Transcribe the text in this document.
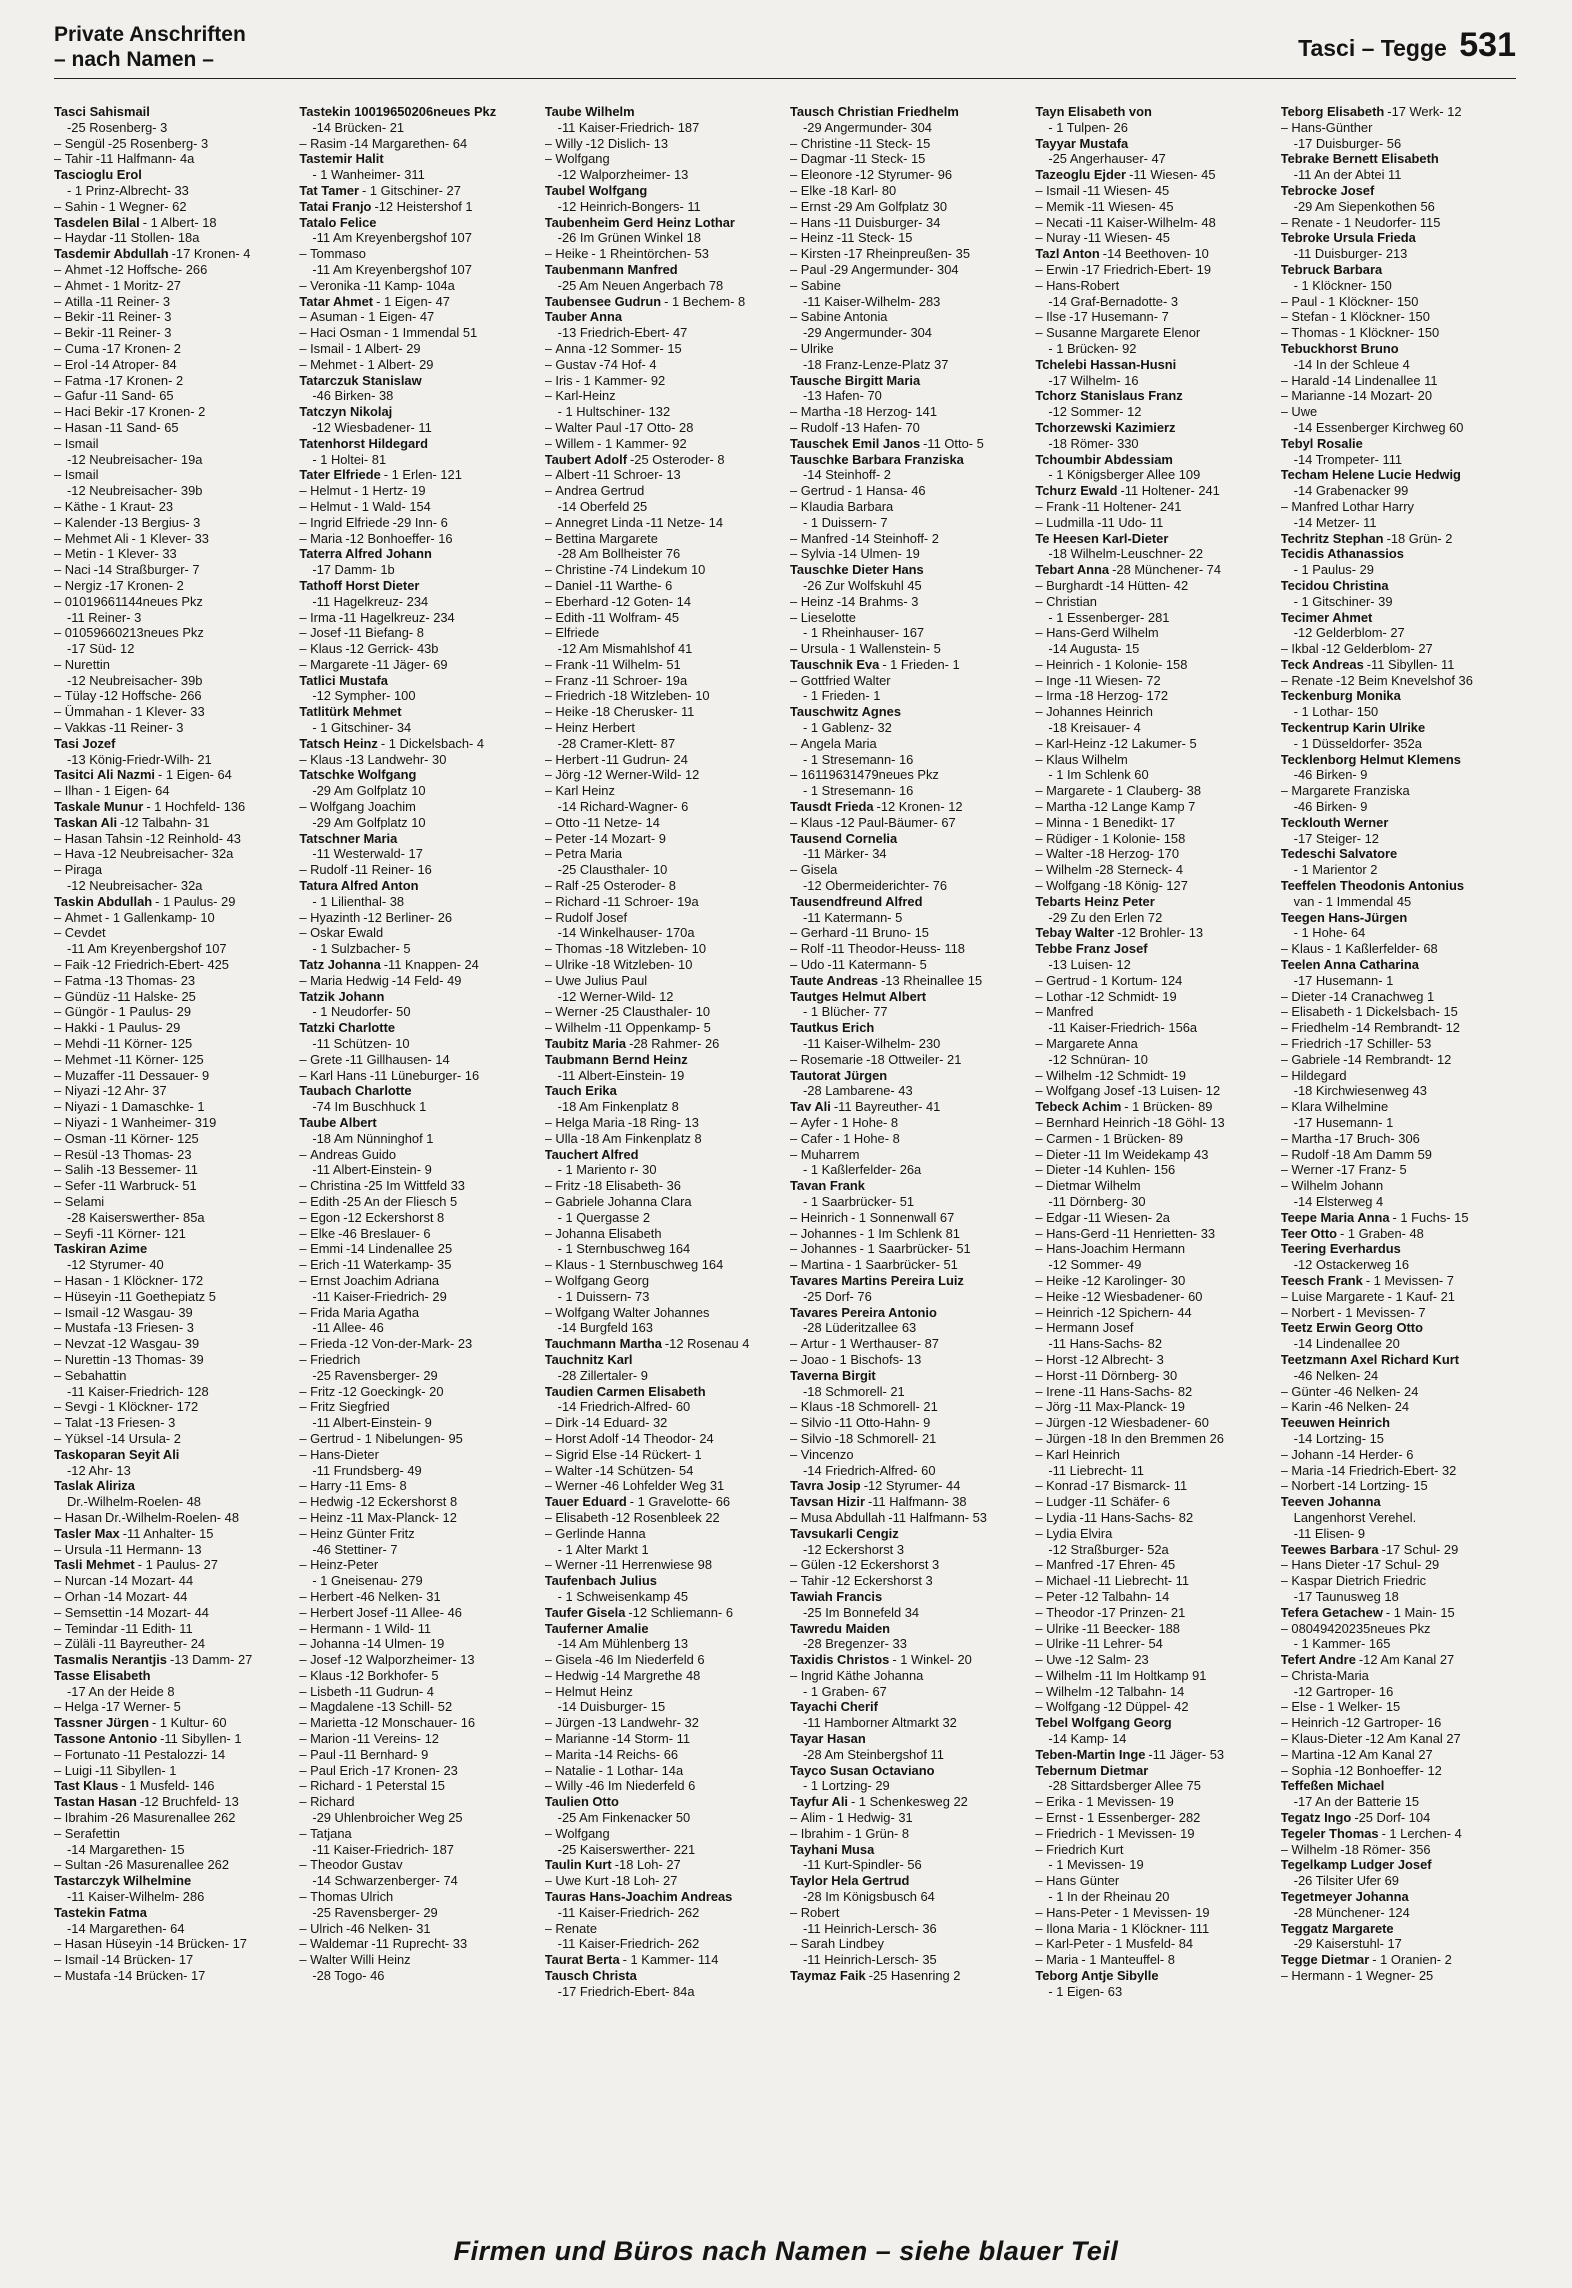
Private Anschriften
– nach Namen –	Tasci – Tegge 531
Tasci Sahismail
-25 Rosenberg- 3
– Sengül -25 Rosenberg- 3
– Tahir -11 Halfmann- 4a
Tascioglu Erol
- 1 Prinz-Albrecht- 33
– Sahin - 1 Wegner- 62
Tasdelen Bilal - 1 Albert- 18
– Haydar -11 Stollen- 18a
Tasdemir Abdullah -17 Kronen- 4
– Ahmet -12 Hoffsche- 266
– Ahmet - 1 Moritz- 27
– Atilla -11 Reiner- 3
– Bekir -11 Reiner- 3
– Bekir -11 Reiner- 3
– Cuma -17 Kronen- 2
– Erol -14 Atroper- 84
– Fatma -17 Kronen- 2
– Gafur -11 Sand- 65
– Haci Bekir -17 Kronen- 2
– Hasan -11 Sand- 65
– Ismail
-12 Neubreisacher- 19a
– Ismail
-12 Neubreisacher- 39b
– Käthe - 1 Kraut- 23
– Kalender -13 Bergius- 3
– Mehmet Ali - 1 Klever- 33
– Metin - 1 Klever- 33
– Naci -14 Straßburger- 7
– Nergiz -17 Kronen- 2
– 01019661144neues Pkz
-11 Reiner- 3
– 01059660213neues Pkz
-17 Süd- 12
– Nurettin
-12 Neubreisacher- 39b
– Tülay -12 Hoffsche- 266
– Ümmahan - 1 Klever- 33
– Vakkas -11 Reiner- 3
Tasi Jozef
-13 König-Friedr-Wilh- 21
Tasitci Ali Nazmi - 1 Eigen- 64
– Ilhan - 1 Eigen- 64
Taskale Munur - 1 Hochfeld- 136
Taskan Ali -12 Talbahn- 31
– Hasan Tahsin -12 Reinhold- 43
– Hava -12 Neubreisacher- 32a
– Piraga
-12 Neubreisacher- 32a
Taskin Abdullah - 1 Paulus- 29
– Ahmet - 1 Gallenkamp- 10
– Cevdet
-11 Am Kreyenbergshof 107
– Faik -12 Friedrich-Ebert- 425
– Fatma -13 Thomas- 23
– Gündüz -11 Halske- 25
– Güngör - 1 Paulus- 29
– Hakki - 1 Paulus- 29
– Mehdi -11 Körner- 125
– Mehmet -11 Körner- 125
– Muzaffer -11 Dessauer- 9
– Niyazi -12 Ahr- 37
– Niyazi - 1 Damaschke- 1
– Niyazi - 1 Wanheimer- 319
– Osman -11 Körner- 125
– Resül -13 Thomas- 23
– Salih -13 Bessemer- 11
– Sefer -11 Warbruck- 51
– Selami
-28 Kaiserswerther- 85a
– Seyfi -11 Körner- 121
Taskiran Azime
-12 Styrumer- 40
– Hasan - 1 Klöckner- 172
– Hüseyin -11 Goethepiatz 5
– Ismail -12 Wasgau- 39
– Mustafa -13 Friesen- 3
– Nevzat -12 Wasgau- 39
– Nurettin -13 Thomas- 39
– Sebahattin
-11 Kaiser-Friedrich- 128
– Sevgi - 1 Klöckner- 172
– Talat -13 Friesen- 3
– Yüksel -14 Ursula- 2
Taskoparan Seyit Ali
-12 Ahr- 13
Taslak Aliriza
Dr.-Wilhelm-Roelen- 48
– Hasan Dr.-Wilhelm-Roelen- 48
Tasler Max -11 Anhalter- 15
– Ursula -11 Hermann- 13
Tasli Mehmet - 1 Paulus- 27
– Nurcan -14 Mozart- 44
– Orhan -14 Mozart- 44
– Semsettin -14 Mozart- 44
– Temindar -11 Edith- 11
– Züläli -11 Bayreuther- 24
Tasmalis Nerantjis -13 Damm- 27
Tasse Elisabeth
-17 An der Heide 8
– Helga -17 Werner- 5
Tassner Jürgen - 1 Kultur- 60
Tassone Antonio -11 Sibyllen- 1
– Fortunato -11 Pestalozzi- 14
– Luigi -11 Sibyllen- 1
Tast Klaus - 1 Musfeld- 146
Tastan Hasan -12 Bruchfeld- 13
– Ibrahim -26 Masurenallee 262
– Serafettin
-14 Margarethen- 15
– Sultan -26 Masurenallee 262
Tastarczyk Wilhelmine
-11 Kaiser-Wilhelm- 286
Tastekin Fatma
-14 Margarethen- 64
– Hasan Hüseyin -14 Brücken- 17
– Ismail -14 Brücken- 17
– Mustafa -14 Brücken- 17
Tastekin 10019650206neues Pkz
-14 Brücken- 21
– Rasim -14 Margarethen- 64
Tastemir Halit
- 1 Wanheimer- 311
Tat Tamer - 1 Gitschiner- 27
Tatai Franjo -12 Heistershof 1
Tatalo Felice
-11 Am Kreyenbergshof 107
– Tommaso
-11 Am Kreyenbergshof 107
– Veronika -11 Kamp- 104a
Tatar Ahmet - 1 Eigen- 47
– Asuman - 1 Eigen- 47
– Haci Osman - 1 Immendal 51
– Ismail - 1 Albert- 29
– Mehmet - 1 Albert- 29
Tatarczuk Stanislaw
-46 Birken- 38
Tatczyn Nikolaj
-12 Wiesbadener- 11
Tatenhorst Hildegard
- 1 Holtei- 81
Tater Elfriede - 1 Erlen- 121
– Helmut - 1 Hertz- 19
– Helmut - 1 Wald- 154
– Ingrid Elfriede -29 Inn- 6
– Maria -12 Bonhoeffer- 16
Taterra Alfred Johann
-17 Damm- 1b
Tathoff Horst Dieter
-11 Hagelkreuz- 234
– Irma -11 Hagelkreuz- 234
– Josef -11 Biefang- 8
– Klaus -12 Gerrick- 43b
– Margarete -11 Jäger- 69
Tatlici Mustafa
-12 Sympher- 100
Tatlitürk Mehmet
- 1 Gitschiner- 34
Tatsch Heinz - 1 Dickelsbach- 4
– Klaus -13 Landwehr- 30
Tatschke Wolfgang
-29 Am Golfplatz 10
– Wolfgang Joachim
-29 Am Golfplatz 10
Tatschner Maria
-11 Westerwald- 17
– Rudolf -11 Reiner- 16
Tatura Alfred Anton
- 1 Lilienthal- 38
– Hyazinth -12 Berliner- 26
– Oskar Ewald
- 1 Sulzbacher- 5
Tatz Johanna -11 Knappen- 24
– Maria Hedwig -14 Feld- 49
Tatzik Johann
- 1 Neudorfer- 50
Tatzki Charlotte
-11 Schützen- 10
– Grete -11 Gillhausen- 14
– Karl Hans -11 Lüneburger- 16
Taubach Charlotte
-74 Im Buschhuck 1
Taube Albert
-18 Am Nünninghof 1
– Andreas Guido
-11 Albert-Einstein- 9
– Christina -25 Im Wittfeld 33
– Edith -25 An der Fliesch 5
– Egon -12 Eckershorst 8
– Elke -46 Breslauer- 6
– Emmi -14 Lindenallee 25
– Erich -11 Waterkamp- 35
– Ernst Joachim Adriana
-11 Kaiser-Friedrich- 29
– Frida Maria Agatha
-11 Allee- 46
– Frieda -12 Von-der-Mark- 23
– Friedrich
-25 Ravensberger- 29
– Fritz -12 Goeckingk- 20
– Fritz Siegfried
-11 Albert-Einstein- 9
– Gertrud - 1 Nibelungen- 95
– Hans-Dieter
-11 Frundsberg- 49
– Harry -11 Ems- 8
– Hedwig -12 Eckershorst 8
– Heinz -11 Max-Planck- 12
– Heinz Günter Fritz
-46 Stettiner- 7
– Heinz-Peter
- 1 Gneisenau- 279
– Herbert -46 Nelken- 31
– Herbert Josef -11 Allee- 46
– Hermann - 1 Wild- 11
– Johanna -14 Ulmen- 19
– Josef -12 Walporzheimer- 13
– Klaus -12 Borkhofer- 5
– Lisbeth -11 Gudrun- 4
– Magdalene -13 Schill- 52
– Marietta -12 Monschauer- 16
– Marion -11 Vereins- 12
– Paul -11 Bernhard- 9
– Paul Erich -17 Kronen- 23
– Richard - 1 Peterstal 15
– Richard
-29 Uhlenbroicher Weg 25
– Tatjana
-11 Kaiser-Friedrich- 187
– Theodor Gustav
-14 Schwarzenberger- 74
– Thomas Ulrich
-25 Ravensberger- 29
– Ulrich -46 Nelken- 31
– Waldemar -11 Ruprecht- 33
– Walter Willi Heinz
-28 Togo- 46
Taube Wilhelm
-11 Kaiser-Friedrich- 187
– Willy -12 Dislich- 13
– Wolfgang
-12 Walporzheimer- 13
Taubel Wolfgang
-12 Heinrich-Bongers- 11
Taubenheim Gerd Heinz Lothar
-26 Im Grünen Winkel 18
– Heike - 1 Rheintörchen- 53
Taubenmann Manfred
-25 Am Neuen Angerbach 78
Taubensee Gudrun - 1 Bechem- 8
Tauber Anna
-13 Friedrich-Ebert- 47
– Anna -12 Sommer- 15
– Gustav -74 Hof- 4
– Iris - 1 Kammer- 92
– Karl-Heinz
- 1 Hultschiner- 132
– Walter Paul -17 Otto- 28
– Willem - 1 Kammer- 92
Taubert Adolf -25 Osteroder- 8
– Albert -11 Schroer- 13
– Andrea Gertrud
-14 Oberfeld 25
– Annegret Linda -11 Netze- 14
– Bettina Margarete
-28 Am Bollheister 76
– Christine -74 Lindekum 10
– Daniel -11 Warthe- 6
– Eberhard -12 Goten- 14
– Edith -11 Wolfram- 45
– Elfriede
-12 Am Mismahlshof 41
– Frank -11 Wilhelm- 51
– Franz -11 Schroer- 19a
– Friedrich -18 Witzleben- 10
– Heike -18 Cherusker- 11
– Heinz Herbert
-28 Cramer-Klett- 87
– Herbert -11 Gudrun- 24
– Jörg -12 Werner-Wild- 12
– Karl Heinz
-14 Richard-Wagner- 6
– Otto -11 Netze- 14
– Peter -14 Mozart- 9
– Petra Maria
-25 Clausthaler- 10
– Ralf -25 Osteroder- 8
– Richard -11 Schroer- 19a
– Rudolf Josef
-14 Winkelhauser- 170a
– Thomas -18 Witzleben- 10
– Ulrike -18 Witzleben- 10
– Uwe Julius Paul
-12 Werner-Wild- 12
– Werner -25 Clausthaler- 10
– Wilhelm -11 Oppenkamp- 5
Taubitz Maria -28 Rahmer- 26
Taubmann Bernd Heinz
-11 Albert-Einstein- 19
Tauch Erika
-18 Am Finkenplatz 8
– Helga Maria -18 Ring- 13
– Ulla -18 Am Finkenplatz 8
Tauchert Alfred
- 1 Mariento r- 30
– Fritz -18 Elisabeth- 36
– Gabriele Johanna Clara
- 1 Quergasse 2
– Johanna Elisabeth
- 1 Sternbuschweg 164
– Klaus - 1 Sternbuschweg 164
– Wolfgang Georg
- 1 Duissern- 73
– Wolfgang Walter Johannes
-14 Burgfeld 163
Tauchmann Martha -12 Rosenau 4
Tauchnitz Karl
-28 Zillertaler- 9
Taudien Carmen Elisabeth
-14 Friedrich-Alfred- 60
– Dirk -14 Eduard- 32
– Horst Adolf -14 Theodor- 24
– Sigrid Else -14 Rückert- 1
– Walter -14 Schützen- 54
– Werner -46 Lohfelder Weg 31
Tauer Eduard - 1 Gravelotte- 66
– Elisabeth -12 Rosenbleek 22
– Gerlinde Hanna
- 1 Alter Markt 1
– Werner -11 Herrenwiese 98
Taufenbach Julius
- 1 Schweisenkamp 45
Taufer Gisela -12 Schliemann- 6
Tauferner Amalie
-14 Am Mühlenberg 13
– Gisela -46 Im Niederfeld 6
– Hedwig -14 Margrethe 48
– Helmut Heinz
-14 Duisburger- 15
– Jürgen -13 Landwehr- 32
– Marianne -14 Storm- 11
– Marita -14 Reichs- 66
– Natalie - 1 Lothar- 14a
– Willy -46 Im Niederfeld 6
Taulien Otto
-25 Am Finkenacker 50
– Wolfgang
-25 Kaiserswerther- 221
Taulin Kurt -18 Loh- 27
– Uwe Kurt -18 Loh- 27
Tauras Hans-Joachim Andreas
-11 Kaiser-Friedrich- 262
– Renate
-11 Kaiser-Friedrich- 262
Taurat Berta - 1 Kammer- 114
Tausch Christa
-17 Friedrich-Ebert- 84a
Tausch Christian Friedhelm
-29 Angermunder- 304
– Christine -11 Steck- 15
– Dagmar -11 Steck- 15
– Eleonore -12 Styrumer- 96
– Elke -18 Karl- 80
– Ernst -29 Am Golfplatz 30
– Hans -11 Duisburger- 34
– Heinz -11 Steck- 15
– Kirsten -17 Rheinpreußen- 35
– Paul -29 Angermunder- 304
– Sabine
-11 Kaiser-Wilhelm- 283
– Sabine Antonia
-29 Angermunder- 304
– Ulrike
-18 Franz-Lenze-Platz 37
Tausche Birgitt Maria
-13 Hafen- 70
– Martha -18 Herzog- 141
– Rudolf -13 Hafen- 70
Tauschek Emil Janos -11 Otto- 5
Tauschke Barbara Franziska
-14 Steinhoff- 2
– Gertrud - 1 Hansa- 46
– Klaudia Barbara
- 1 Duissern- 7
– Manfred -14 Steinhoff- 2
– Sylvia -14 Ulmen- 19
Tauschke Dieter Hans
-26 Zur Wolfskuhl 45
– Heinz -14 Brahms- 3
– Lieselotte
- 1 Rheinhauser- 167
– Ursula - 1 Wallenstein- 5
Tauschnik Eva - 1 Frieden- 1
– Gottfried Walter
- 1 Frieden- 1
Tauschwitz Agnes
- 1 Gablenz- 32
– Angela Maria
- 1 Stresemann- 16
– 16119631479neues Pkz
- 1 Stresemann- 16
Tausdt Frieda -12 Kronen- 12
– Klaus -12 Paul-Bäumer- 67
Tausend Cornelia
-11 Märker- 34
– Gisela
-12 Obermeiderichter- 76
Tausendfreund Alfred
-11 Katermann- 5
– Gerhard -11 Bruno- 15
– Rolf -11 Theodor-Heuss- 118
– Udo -11 Katermann- 5
Taute Andreas -13 Rheinallee 15
Tautges Helmut Albert
- 1 Blücher- 77
Tautkus Erich
-11 Kaiser-Wilhelm- 230
– Rosemarie -18 Ottweiler- 21
Tautorat Jürgen
-28 Lambarene- 43
Tav Ali -11 Bayreuther- 41
– Ayfer - 1 Hohe- 8
– Cafer - 1 Hohe- 8
– Muharrem
- 1 Kaßlerfelder- 26a
Tavan Frank
- 1 Saarbrücker- 51
– Heinrich - 1 Sonnenwall 67
– Johannes - 1 Im Schlenk 81
– Johannes - 1 Saarbrücker- 51
– Martina - 1 Saarbrücker- 51
Tavares Martins Pereira Luiz
-25 Dorf- 76
Tavares Pereira Antonio
-28 Lüderitzallee 63
– Artur - 1 Werthauser- 87
– Joao - 1 Bischofs- 13
Taverna Birgit
-18 Schmorell- 21
– Klaus -18 Schmorell- 21
– Silvio -11 Otto-Hahn- 9
– Silvio -18 Schmorell- 21
– Vincenzo
-14 Friedrich-Alfred- 60
Tavra Josip -12 Styrumer- 44
Tavsan Hizir -11 Halfmann- 38
– Musa Abdullah -11 Halfmann- 53
Tavsukarli Cengiz
-12 Eckershorst 3
– Gülen -12 Eckershorst 3
– Tahir -12 Eckershorst 3
Tawiah Francis
-25 Im Bonnefeld 34
Tawredu Maiden
-28 Bregenzer- 33
Taxidis Christos - 1 Winkel- 20
– Ingrid Käthe Johanna
- 1 Graben- 67
Tayachi Cherif
-11 Hamborner Altmarkt 32
Tayar Hasan
-28 Am Steinbergshof 11
Tayco Susan Octaviano
- 1 Lortzing- 29
Tayfur Ali - 1 Schenkesweg 22
– Alim - 1 Hedwig- 31
– Ibrahim - 1 Grün- 8
Tayhani Musa
-11 Kurt-Spindler- 56
Taylor Hela Gertrud
-28 Im Königsbusch 64
– Robert
-11 Heinrich-Lersch- 36
– Sarah Lindbey
-11 Heinrich-Lersch- 35
Taymaz Faik -25 Hasenring 2
Tayn Elisabeth von
- 1 Tulpen- 26
Tayyar Mustafa
-25 Angerhauser- 47
Tazeoglu Ejder -11 Wiesen- 45
– Ismail -11 Wiesen- 45
– Memik -11 Wiesen- 45
– Necati -11 Kaiser-Wilhelm- 48
– Nuray -11 Wiesen- 45
Tazl Anton -14 Beethoven- 10
– Erwin -17 Friedrich-Ebert- 19
– Hans-Robert
-14 Graf-Bernadotte- 3
– Ilse -17 Husemann- 7
– Susanne Margarete Elenor
- 1 Brücken- 92
Tchelebi Hassan-Husni
-17 Wilhelm- 16
Tchorz Stanislaus Franz
-12 Sommer- 12
Tchorzewski Kazimierz
-18 Römer- 330
Tchoumbir Abdessiam
- 1 Königsberger Allee 109
Tchurz Ewald -11 Holtener- 241
– Frank -11 Holtener- 241
– Ludmilla -11 Udo- 11
Te Heesen Karl-Dieter
-18 Wilhelm-Leuschner- 22
Tebart Anna -28 Münchener- 74
– Burghardt -14 Hütten- 42
– Christian
- 1 Essenberger- 281
– Hans-Gerd Wilhelm
-14 Augusta- 15
– Heinrich - 1 Kolonie- 158
– Inge -11 Wiesen- 72
– Irma -18 Herzog- 172
– Johannes Heinrich
-18 Kreisauer- 4
– Karl-Heinz -12 Lakumer- 5
– Klaus Wilhelm
- 1 Im Schlenk 60
– Margarete - 1 Clauberg- 38
– Martha -12 Lange Kamp 7
– Minna - 1 Benedikt- 17
– Rüdiger - 1 Kolonie- 158
– Walter -18 Herzog- 170
– Wilhelm -28 Sterneck- 4
– Wolfgang -18 König- 127
Tebarts Heinz Peter
-29 Zu den Erlen 72
Tebay Walter -12 Brohler- 13
Tebbe Franz Josef
-13 Luisen- 12
– Gertrud - 1 Kortum- 124
– Lothar -12 Schmidt- 19
– Manfred
-11 Kaiser-Friedrich- 156a
– Margarete Anna
-12 Schnüran- 10
– Wilhelm -12 Schmidt- 19
– Wolfgang Josef -13 Luisen- 12
Tebeck Achim - 1 Brücken- 89
– Bernhard Heinrich -18 Göhl- 13
– Carmen - 1 Brücken- 89
– Dieter -11 Im Weidekamp 43
– Dieter -14 Kuhlen- 156
– Dietmar Wilhelm
-11 Dörnberg- 30
– Edgar -11 Wiesen- 2a
– Hans-Gerd -11 Henrietten- 33
– Hans-Joachim Hermann
-12 Sommer- 49
– Heike -12 Karolinger- 30
– Heike -12 Wiesbadener- 60
– Heinrich -12 Spichern- 44
– Hermann Josef
-11 Hans-Sachs- 82
– Horst -12 Albrecht- 3
– Horst -11 Dörnberg- 30
– Irene -11 Hans-Sachs- 82
– Jörg -11 Max-Planck- 19
– Jürgen -12 Wiesbadener- 60
– Jürgen -18 In den Bremmen 26
– Karl Heinrich
-11 Liebrecht- 11
– Konrad -17 Bismarck- 11
– Ludger -11 Schäfer- 6
– Lydia -11 Hans-Sachs- 82
– Lydia Elvira
-12 Straßburger- 52a
– Manfred -17 Ehren- 45
– Michael -11 Liebrecht- 11
– Peter -12 Talbahn- 14
– Theodor -17 Prinzen- 21
– Ulrike -11 Beecker- 188
– Ulrike -11 Lehrer- 54
– Uwe -12 Salm- 23
– Wilhelm -11 Im Holtkamp 91
– Wilhelm -12 Talbahn- 14
– Wolfgang -12 Düppel- 42
Tebel Wolfgang Georg
-14 Kamp- 14
Teben-Martin Inge -11 Jäger- 53
Tebernum Dietmar
-28 Sittardsberger Allee 75
– Erika - 1 Mevissen- 19
– Ernst - 1 Essenberger- 282
– Friedrich - 1 Mevissen- 19
– Friedrich Kurt
- 1 Mevissen- 19
– Hans Günter
- 1 In der Rheinau 20
– Hans-Peter - 1 Mevissen- 19
– Ilona Maria - 1 Klöckner- 111
– Karl-Peter - 1 Musfeld- 84
– Maria - 1 Manteuffel- 8
Teborg Antje Sibylle
- 1 Eigen- 63
Teborg Elisabeth -17 Werk- 12
– Hans-Günther
-17 Duisburger- 56
Tebrake Bernett Elisabeth
-11 An der Abtei 11
Tebrocke Josef
-29 Am Siepenkothen 56
– Renate - 1 Neudorfer- 115
Tebroke Ursula Frieda
-11 Duisburger- 213
Tebruck Barbara
- 1 Klöckner- 150
– Paul - 1 Klöckner- 150
– Stefan - 1 Klöckner- 150
– Thomas - 1 Klöckner- 150
Tebuckhorst Bruno
-14 In der Schleue 4
– Harald -14 Lindenallee 11
– Marianne -14 Mozart- 20
– Uwe
-14 Essenberger Kirchweg 60
Tebyl Rosalie
-14 Trompeter- 111
Techam Helene Lucie Hedwig
-14 Grabenacker 99
– Manfred Lothar Harry
-14 Metzer- 11
Techritz Stephan -18 Grün- 2
Tecidis Athanassios
- 1 Paulus- 29
Tecidou Christina
- 1 Gitschiner- 39
Tecimer Ahmet
-12 Gelderblom- 27
– Ikbal -12 Gelderblom- 27
Teck Andreas -11 Sibyllen- 11
– Renate -12 Beim Knevelshof 36
Teckenburg Monika
- 1 Lothar- 150
Teckentrup Karin Ulrike
- 1 Düsseldorfer- 352a
Tecklenborg Helmut Klemens
-46 Birken- 9
– Margarete Franziska
-46 Birken- 9
Tecklouth Werner
-17 Steiger- 12
Tedeschi Salvatore
- 1 Marientor 2
Teeffelen Theodonis Antonius
van - 1 Immendal 45
Teegen Hans-Jürgen
- 1 Hohe- 64
– Klaus - 1 Kaßlerfelder- 68
Teelen Anna Catharina
-17 Husemann- 1
– Dieter -14 Cranachweg 1
– Elisabeth - 1 Dickelsbach- 15
– Friedhelm -14 Rembrandt- 12
– Friedrich -17 Schiller- 53
– Gabriele -14 Rembrandt- 12
– Hildegard
-18 Kirchwiesenweg 43
– Klara Wilhelmine
-17 Husemann- 1
– Martha -17 Bruch- 306
– Rudolf -18 Am Damm 59
– Werner -17 Franz- 5
– Wilhelm Johann
-14 Elsterweg 4
Teepe Maria Anna - 1 Fuchs- 15
Teer Otto - 1 Graben- 48
Teering Everhardus
-12 Ostackerweg 16
Teesch Frank - 1 Mevissen- 7
– Luise Margarete - 1 Kauf- 21
– Norbert - 1 Mevissen- 7
Teetz Erwin Georg Otto
-14 Lindenallee 20
Teetzmann Axel Richard Kurt
-46 Nelken- 24
– Günter -46 Nelken- 24
– Karin -46 Nelken- 24
Teeuwen Heinrich
-14 Lortzing- 15
– Johann -14 Herder- 6
– Maria -14 Friedrich-Ebert- 32
– Norbert -14 Lortzing- 15
Teeven Johanna
Langenhorst Verehel.
-11 Elisen- 9
Teewes Barbara -17 Schul- 29
– Hans Dieter -17 Schul- 29
– Kaspar Dietrich Friedric
-17 Taunusweg 18
Tefera Getachew - 1 Main- 15
– 08049420235neues Pkz
- 1 Kammer- 165
Tefert Andre -12 Am Kanal 27
– Christa-Maria
-12 Gartroper- 16
– Else - 1 Welker- 15
– Heinrich -12 Gartroper- 16
– Klaus-Dieter -12 Am Kanal 27
– Martina -12 Am Kanal 27
– Sophia -12 Bonhoeffer- 12
Teffeßen Michael
-17 An der Batterie 15
Tegatz Ingo -25 Dorf- 104
Tegeler Thomas - 1 Lerchen- 4
– Wilhelm -18 Römer- 356
Tegelkamp Ludger Josef
-26 Tilsiter Ufer 69
Tegetmeyer Johanna
-28 Münchener- 124
Teggatz Margarete
-29 Kaiserstuhl- 17
Tegge Dietmar - 1 Oranien- 2
– Hermann - 1 Wegner- 25
Firmen und Büros nach Namen – siehe blauer Teil
